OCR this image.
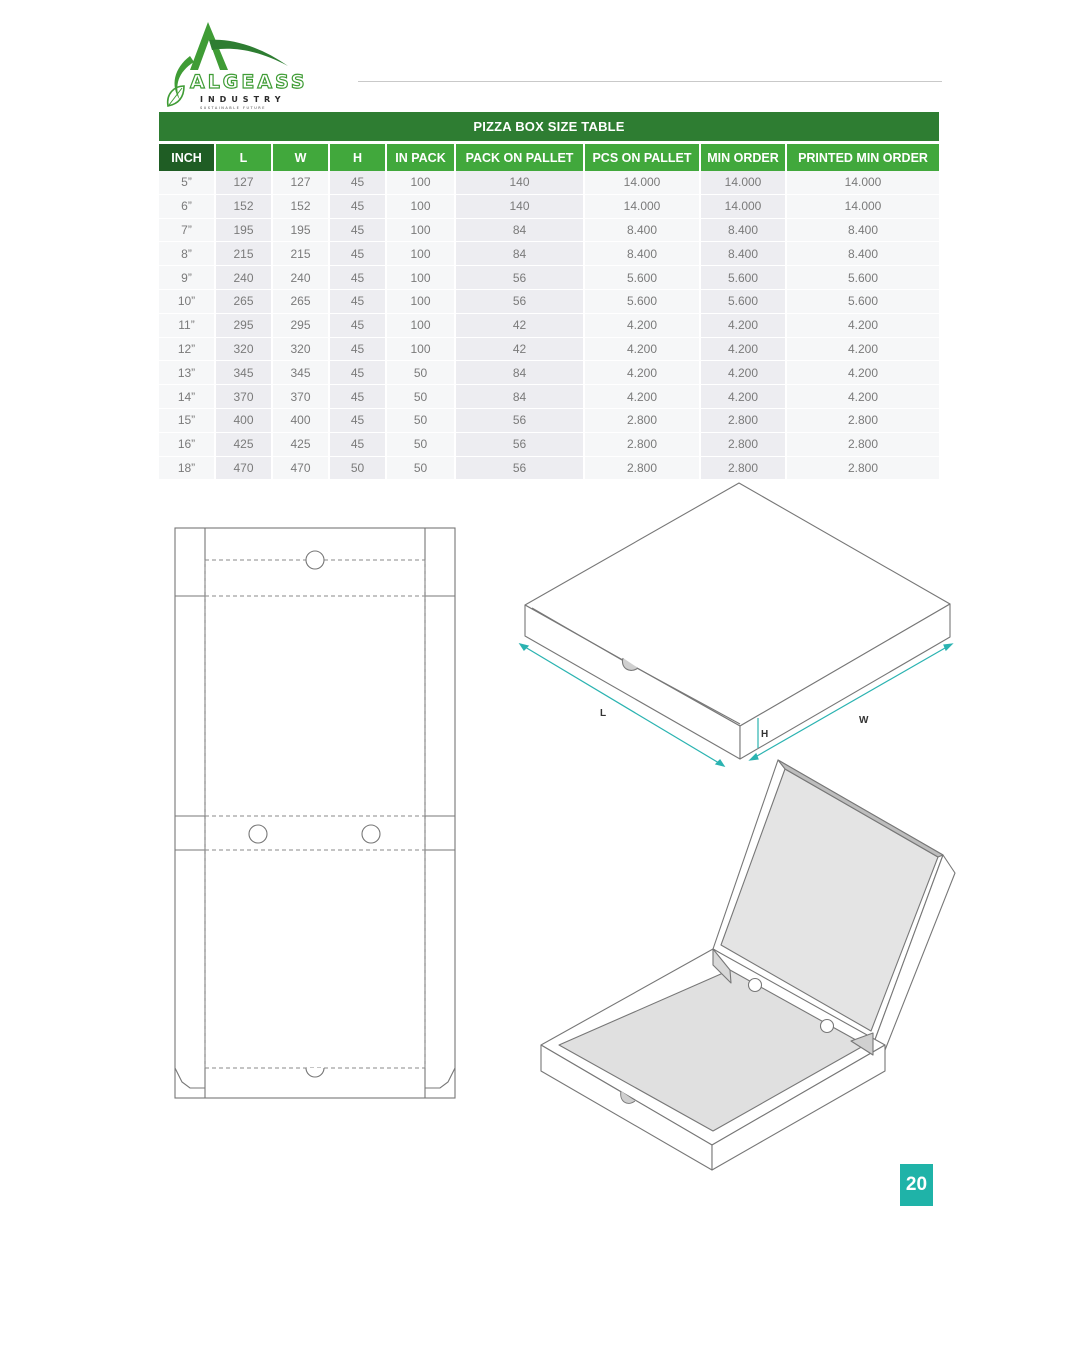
ALGEASS
INDUSTRY
SUSTAINABLE FUTURE
PIZZA BOX SIZE TABLE
INCH	L	W	H	IN PACK	PACK ON PALLET	PCS ON PALLET	MIN ORDER	PRINTED MIN ORDER
5”	127	127	45	100	140	14.000	14.000	14.000
6”	152	152	45	100	140	14.000	14.000	14.000
7”	195	195	45	100	84	8.400	8.400	8.400
8”	215	215	45	100	84	8.400	8.400	8.400
9”	240	240	45	100	56	5.600	5.600	5.600
10”	265	265	45	100	56	5.600	5.600	5.600
11”	295	295	45	100	42	4.200	4.200	4.200
12”	320	320	45	100	42	4.200	4.200	4.200
13”	345	345	45	50	84	4.200	4.200	4.200
14”	370	370	45	50	84	4.200	4.200	4.200
15”	400	400	45	50	56	2.800	2.800	2.800
16”	425	425	45	50	56	2.800	2.800	2.800
18”	470	470	50	50	56	2.800	2.800	2.800
L
H
W
20
